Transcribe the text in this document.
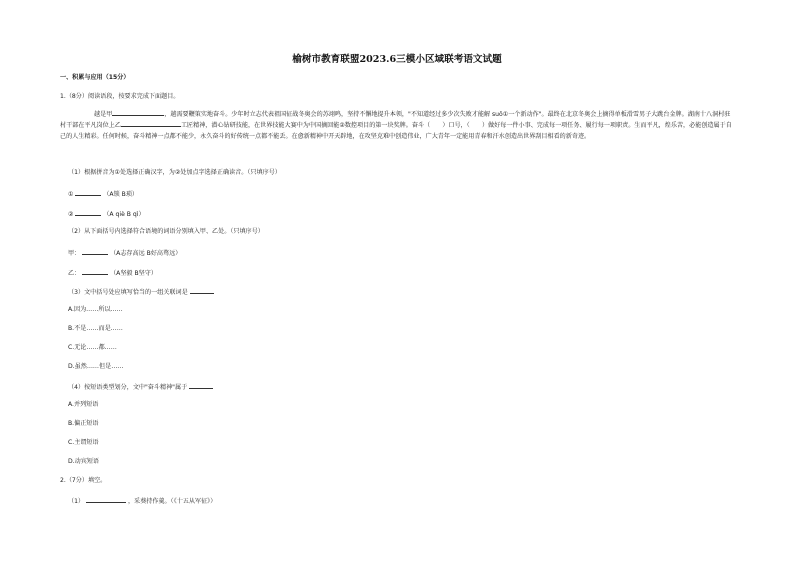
榆树市教育联盟2023.6三模小区域联考语文试题
一、积累与应用（15分）
1.（8分）阅读语段，按要求完成下面题目。
越是甲	，越需要鞭策实地奋斗。少年时立志代表祖国征战冬奥会的苏翊鸣，坚持不懈地提升本领，"不知道经过多少次失败才能解 suǒ①一个新动作"。最终在北京冬奥会上摘得单板滑雪男子大跳台金牌。湖南十八洞村驻村干部在平凡岗位上乙	工匠精神，潜心钻研技能，在世界技能大赛中为中国摘回能②数控项目的第一块奖牌。奋斗（　　）口号，（　　）做好每一件小事、完成每一项任务、履行每一项职责。生而平凡，煌乐苦，必能创造属于自己的人生精彩。任何时候，奋斗精神一点都不能少，永久奋斗的好传统一点都不能丢。在愈新精神中开天辟地，在攻坚克难中创造伟业，广大青年一定能用青春和汗水创造出世界刮目相看的新奇迹。
（1）根据拼音为①处选择正确汉字，为②处加点字选择正确读音。（只填序号）
①	（A锁 B琐）
②	（A qiè B qì）
（2）从下面括号内选择符合语境的词语分别填入甲、乙处。（只填序号）
甲：	（A志存高远 B好高骛远）
乙：	（A坚毅 B坚守）
（3）文中括号处应填写恰当的一组关联词是
A.因为……所以……
B.不是……而是……
C.无论……都……
D.虽然……但是……
（4）按短语类型划分，文中"奋斗精神"属于
A.并列短语
B.偏正短语
C.主谓短语
D.动宾短语
2.（7分）填空。
（1）	，采葵持作羹。（《十五从军征》）
